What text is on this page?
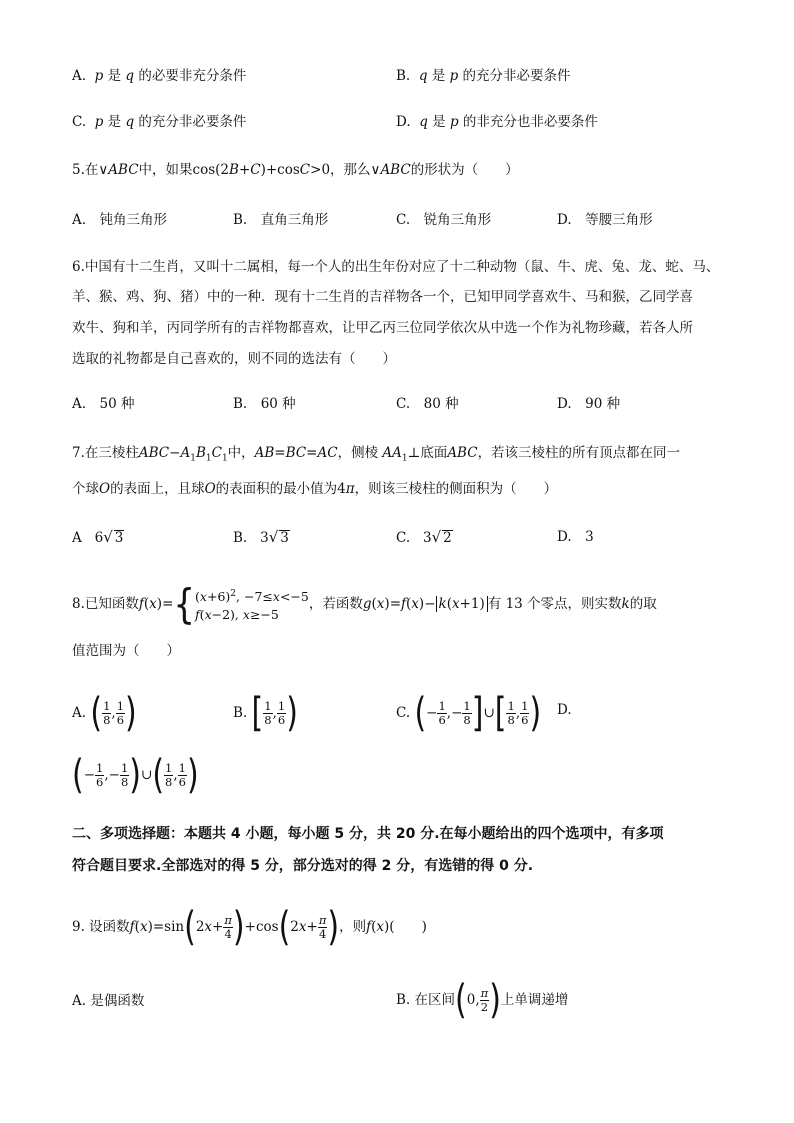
A. p 是 q 的必要非充分条件	B. q 是 p 的充分非必要条件
C. p 是 q 的充分非必要条件	D. q 是 p 的非充分也非必要条件
5.在∨ABC中，如果cos(2B+C)+cosC>0，那么∨ABC的形状为（　　）
A.　钝角三角形	B.　直角三角形	C.　锐角三角形	D.　等腰三角形
6.中国有十二生肖，又叫十二属相，每一个人的出生年份对应了十二种动物（鼠、牛、虎、兔、龙、蛇、马、
羊、猴、鸡、狗、猪）中的一种．现有十二生肖的吉祥物各一个，已知甲同学喜欢牛、马和猴，乙同学喜
欢牛、狗和羊，丙同学所有的吉祥物都喜欢，让甲乙丙三位同学依次从中选一个作为礼物珍藏，若各人所
选取的礼物都是自己喜欢的，则不同的选法有（　　）
A.　50 种	B.　60 种	C.　80 种	D.　90 种
7.在三棱柱$ABC-A_1B_1C_1$中，AB=BC=AC，侧棱 $AA_1\perp$底面ABC，若该三棱柱的所有顶点都在同一
个球O的表面上，且球O的表面积的最小值为4π，则该三棱柱的侧面积为（　　）
A   6√ 3	B.   3√ 3	C.   3√ 2	D.　3
8.已知函数$f(x)=\{(x+6)^2$, −7≤x<−5
f(x−2), x≥−5，若函数g(x)=f(x)− k(x+1) 有 13 个零点，则实数k的取
值范围为（　　）
A. ( $\frac{1}{8}$ , $\frac{1}{6}$ )	B. [ $\frac{1}{8}$ , $\frac{1}{6}$ )	C. (− $\frac{1}{6}$ ,− $\frac{1}{8}$ ]∪[ $\frac{1}{8}$ , $\frac{1}{6}$ ) D.
(− $\frac{1}{6}$ ,− $\frac{1}{8}$ )∪( $\frac{1}{8}$ , $\frac{1}{6}$ )
二、多项选择题：本题共 4 小题，每小题 5 分，共 20 分.在每小题给出的四个选项中，有多项
符合题目要求.全部选对的得 5 分，部分选对的得 2 分，有选错的得 0 分.
9. 设函数$f(x)=\sin(2x+ \frac{\pi}{4} )+\cos(2x+ \frac{\pi}{4}$ )，则f(x)(　　)
A. 是偶函数	B. 在区间(0, $\frac{\pi}{2}$ )上单调递增
